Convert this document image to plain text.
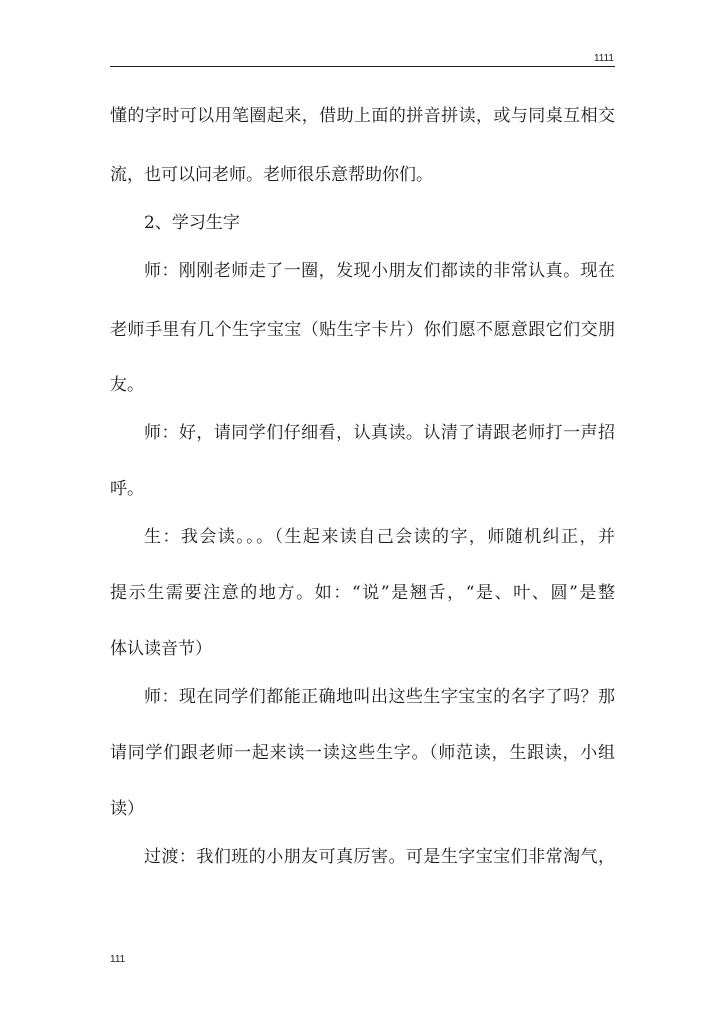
1111
懂的字时可以用笔圈起来，借助上面的拼音拼读，或与同桌互相交
流，也可以问老师。老师很乐意帮助你们。
2、学习生字
师：刚刚老师走了一圈，发现小朋友们都读的非常认真。现在
老师手里有几个生字宝宝（贴生字卡片）你们愿不愿意跟它们交朋
友。
师：好，请同学们仔细看，认真读。认清了请跟老师打一声招
呼。
生：我会读。。。（生起来读自己会读的字，师随机纠正，并
提示生需要注意的地方。如：“说”是翘舌，“是、叶、圆”是整
体认读音节）
师：现在同学们都能正确地叫出这些生字宝宝的名字了吗？那
请同学们跟老师一起来读一读这些生字。（师范读，生跟读，小组
读）
过渡：我们班的小朋友可真厉害。可是生字宝宝们非常淘气，
111
